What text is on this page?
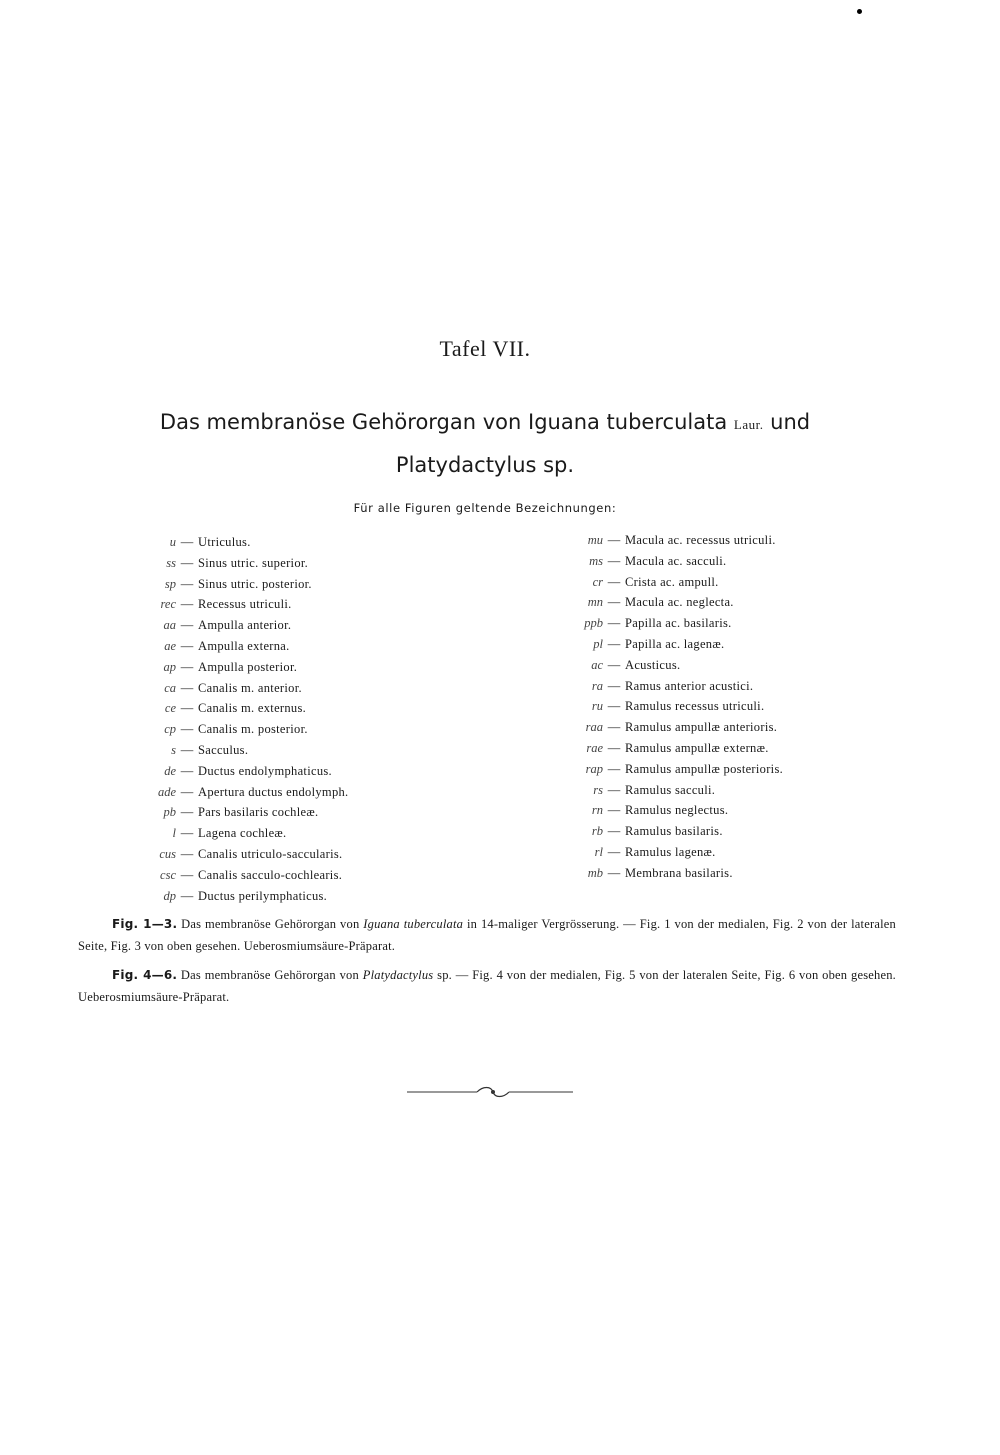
Tafel VII.
Das membranöse Gehörorgan von Iguana tuberculata Laur. und
Platydactylus sp.
Für alle Figuren geltende Bezeichnungen:
u — Utriculus.
ss — Sinus utric. superior.
sp — Sinus utric. posterior.
rec — Recessus utriculi.
aa — Ampulla anterior.
ae — Ampulla externa.
ap — Ampulla posterior.
ca — Canalis m. anterior.
ce — Canalis m. externus.
cp — Canalis m. posterior.
s — Sacculus.
de — Ductus endolymphaticus.
ade — Apertura ductus endolymph.
pb — Pars basilaris cochleæ.
l — Lagena cochleæ.
cus — Canalis utriculo-saccularis.
csc — Canalis sacculo-cochlearis.
dp — Ductus perilymphaticus.
mu — Macula ac. recessus utriculi.
ms — Macula ac. sacculi.
cr — Crista ac. ampull.
mn — Macula ac. neglecta.
ppb — Papilla ac. basilaris.
pl — Papilla ac. lagenæ.
ac — Acusticus.
ra — Ramus anterior acustici.
ru — Ramulus recessus utriculi.
raa — Ramulus ampullæ anterioris.
rae — Ramulus ampullæ externæ.
rap — Ramulus ampullæ posterioris.
rs — Ramulus sacculi.
rn — Ramulus neglectus.
rb — Ramulus basilaris.
rl — Ramulus lagenæ.
mb — Membrana basilaris.
Fig. 1—3. Das membranöse Gehörorgan von Iguana tuberculata in 14-maliger Vergrösserung. — Fig. 1 von der medialen, Fig. 2 von der lateralen Seite, Fig. 3 von oben gesehen. Ueberosmiumsäure-Präparat.
Fig. 4—6. Das membranöse Gehörorgan von Platydactylus sp. — Fig. 4 von der medialen, Fig. 5 von der lateralen Seite, Fig. 6 von oben gesehen. Ueberosmiumsäure-Präparat.
